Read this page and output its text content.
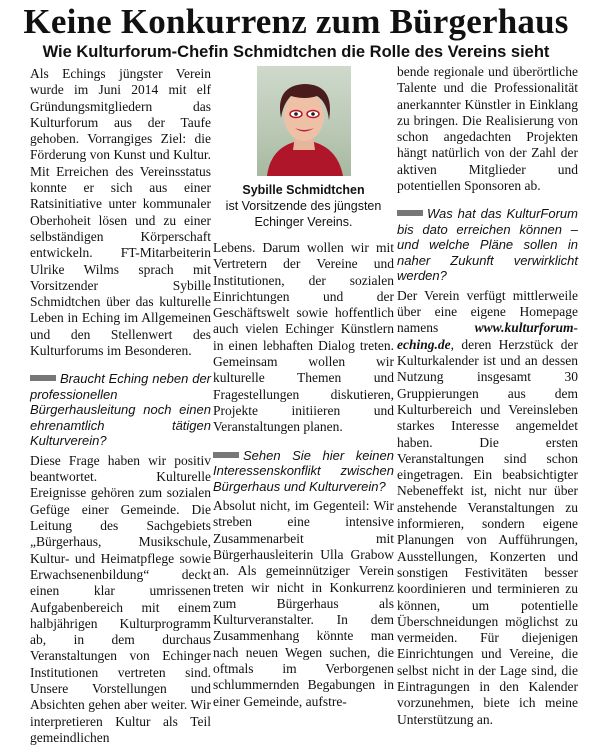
Keine Konkurrenz zum Bürgerhaus
Wie Kulturforum-Chefin Schmidtchen die Rolle des Vereins sieht

Als Echings jüngster Verein wurde im Juni 2014 mit elf Gründungsmitgliedern das Kulturforum aus der Taufe gehoben. Vorrangiges Ziel: die Förderung von Kunst und Kultur. Mit Erreichen des Vereinsstatus konnte er sich aus einer Ratsinitiative unter kommunaler Oberhoheit lösen und zu einer selbständigen Körperschaft entwickeln. FT-Mitarbeiterin Ulrike Wilms sprach mit Vorsitzender Sybille Schmidtchen über das kulturelle Leben in Eching im Allgemeinen und den Stellenwert des Kulturforums im Besonderen.

Braucht Eching neben der professionellen Bürgerhausleitung noch einen ehrenamtlich tätigen Kulturverein?

Diese Frage haben wir positiv beantwortet. Kulturelle Ereignisse gehören zum sozialen Gefüge einer Gemeinde. Die Leitung des Sachgebiets „Bürgerhaus, Musikschule, Kultur- und Heimatpflege sowie Erwachsenenbildung“ deckt einen klar umrissenen Aufgabenbereich mit einem halbjährigen Kulturprogramm ab, in dem durchaus Veranstaltungen von Echinger Institutionen vertreten sind. Unsere Vorstellungen und Absichten gehen aber weiter. Wir interpretieren Kultur als Teil gemeindlichen

Sybille Schmidtchen
ist Vorsitzende des jüngsten Echinger Vereins.

Lebens. Darum wollen wir mit Vertretern der Vereine und Institutionen, der sozialen Einrichtungen und der Geschäftswelt sowie hoffentlich auch vielen Echinger Künstlern in einen lebhaften Dialog treten. Gemeinsam wollen wir kulturelle Themen und Fragestellungen diskutieren, Projekte initiieren und Veranstaltungen planen.

Sehen Sie hier keinen Interessenskonflikt zwischen Bürgerhaus und Kulturverein?

Absolut nicht, im Gegenteil: Wir streben eine intensive Zusammenarbeit mit Bürgerhausleiterin Ulla Grabow an. Als gemeinnütziger Verein treten wir nicht in Konkurrenz zum Bürgerhaus als Kulturveranstalter. In dem Zusammenhang könnte man nach neuen Wegen suchen, die oftmals im Verborgenen schlummernden Begabungen in einer Gemeinde, aufstre-

bende regionale und überörtliche Talente und die Professionalität anerkannter Künstler in Einklang zu bringen. Die Realisierung von schon angedachten Projekten hängt natürlich von der Zahl der aktiven Mitglieder und potentiellen Sponsoren ab.

Was hat das KulturForum bis dato erreichen können – und welche Pläne sollen in naher Zukunft verwirklicht werden?

Der Verein verfügt mittlerweile über eine eigene Homepage namens	www.kulturforum-eching.de, deren Herzstück der Kulturkalender ist und an dessen Nutzung insgesamt 30 Gruppierungen aus dem Kulturbereich und Vereinsleben starkes Interesse angemeldet haben. Die ersten Veranstaltungen sind schon eingetragen. Ein beabsichtigter Nebeneffekt ist, nicht nur über anstehende Veranstaltungen zu informieren, sondern eigene Planungen von Aufführungen, Ausstellungen, Konzerten und sonstigen Festivitäten besser koordinieren und terminieren zu können, um potentielle Überschneidungen möglichst zu vermeiden. Für diejenigen Einrichtungen und Vereine, die selbst nicht in der Lage sind, die Eintragungen in den Kalender vorzunehmen, biete ich meine Unterstützung an.
